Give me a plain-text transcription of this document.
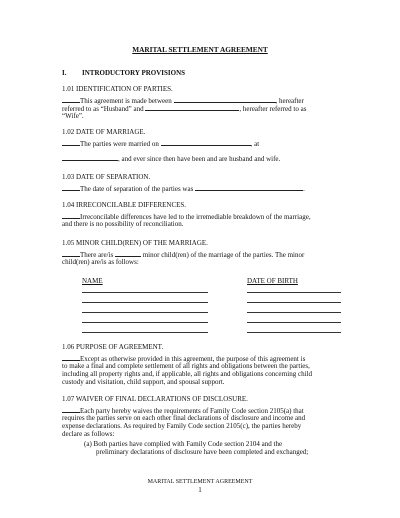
MARITAL SETTLEMENT AGREEMENT
I. INTRODUCTORY PROVISIONS
1.01 IDENTIFICATION OF PARTIES.
This agreement is made between	, hereafter
referred to as “Husband” and	, hereafter referred to as
“Wife”.
1.02 DATE OF MARRIAGE.
The parties were married on	, at
, and ever since then have been and are husband and wife.
1.03 DATE OF SEPARATION.
The date of separation of the parties was	.
1.04 IRRECONCILABLE DIFFERENCES.
Irreconcilable differences have led to the irremediable breakdown of the marriage,
and there is no possibility of reconciliation.
1.05 MINOR CHILD(REN) OF THE MARRIAGE.
There are/is	minor child(ren) of the marriage of the parties. The minor
child(ren) are/is as follows:
NAME	DATE OF BIRTH
1.06 PURPOSE OF AGREEMENT.
Except as otherwise provided in this agreement, the purpose of this agreement is
to make a final and complete settlement of all rights and obligations between the parties,
including all property rights and, if applicable, all rights and obligations concerning child
custody and visitation, child support, and spousal support.
1.07 WAIVER OF FINAL DECLARATIONS OF DISCLOSURE.
Each party hereby waives the requirements of Family Code section 2105(a) that
requires the parties serve on each other final declarations of disclosure and income and
expense declarations. As required by Family Code section 2105(c), the parties hereby
declare as follows:
(a) Both parties have complied with Family Code section 2104 and the
preliminary declarations of disclosure have been completed and exchanged;
MARITAL SETTLEMENT AGREEMENT
1
